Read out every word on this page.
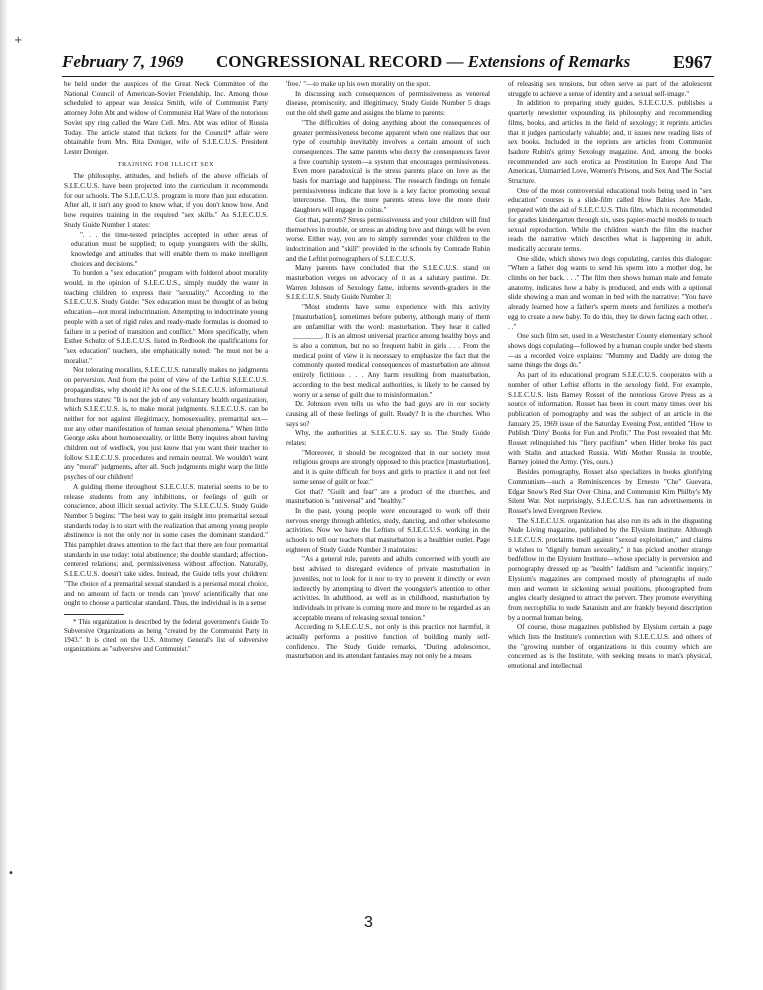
+
•
February 7, 1969 CONGRESSIONAL RECORD — Extensions of Remarks E967

be held under the auspices of the Great Neck Committee of the National Council of American-Soviet Friendship, Inc. Among those scheduled to appear was Jessica Smith, wife of Communist Party attorney John Abt and widow of Communist Hal Ware of the notorious Soviet spy ring called the Ware Cell. Mrs. Abt was editor of Russia Today. The article stated that tickets for the Council* affair were obtainable from Mrs. Rita Doniger, wife of S.I.E.C.U.S. President Lester Doniger.

TRAINING FOR ILLICIT SEX

The philosophy, attitudes, and beliefs of the above officials of S.I.E.C.U.S. have been projected into the curriculum it recommends for our schools. The S.I.E.C.U.S. program is more than just education. After all, it isn't any good to know what, if you don't know how. And how requires training in the required "sex skills." As S.I.E.C.U.S. Study Guide Number 1 states:

". . . the time-tested principles accepted in other areas of education must be supplied; to equip youngsters with the skills, knowledge and attitudes that will enable them to make intelligent choices and decisions."

To burden a "sex education" program with folderol about morality would, in the opinion of S.I.E.C.U.S., simply muddy the water in teaching children to express their "sexuality." According to the S.I.E.C.U.S. Study Guide: "Sex education must be thought of as being education—not moral indoctrination. Attempting to indoctrinate young people with a set of rigid rules and ready-made formulas is doomed to failure in a period of transition and conflict." More specifically, when Esther Schultz of S.I.E.C.U.S. listed in Redbook the qualifications for "sex education" teachers, she emphatically noted: "he must not be a moralist."

Not tolerating moralists, S.I.E.C.U.S. naturally makes no judgments on perversion. And from the point of view of the Leftist S.I.E.C.U.S. propagandists, why should it? As one of the S.I.E.C.U.S. informational brochures states: "It is not the job of any voluntary health organization, which S.I.E.C.U.S. is, to make moral judgments. S.I.E.C.U.S. can be neither for nor against illegitimacy, homosexuality, premarital sex—nor any other manifestation of human sexual phenomena." When little George asks about homosexuality, or little Betty inquires about having children out of wedlock, you just know that you want their teacher to follow S.I.E.C.U.S. procedures and remain neutral. We wouldn't want any "moral" judgments, after all. Such judgments might warp the little psyches of our children!

A guiding theme throughout S.I.E.C.U.S. material seems to be to release students from any inhibitions, or feelings of guilt or conscience, about illicit sexual activity. The S.I.E.C.U.S. Study Guide Number 5 begins: "The best way to gain insight into premarital sexual standards today is to start with the realization that among young people abstinence is not the only nor in some cases the dominant standard." This pamphlet draws attention to the fact that there are four premarital standards in use today: total abstinence; the double standard; affection-centered relations; and, permissiveness without affection. Naturally, S.I.E.C.U.S. doesn't take sides. Instead, the Guide tells your children: "The choice of a premarital sexual standard is a personal moral choice, and no amount of facts or trends can 'prove' scientifically that one ought to choose a particular standard. Thus, the individual is in a sense

* This organization is described by the federal government's Guide To Subversive Organizations as being "created by the Communist Party in 1943." It is cited on the U.S. Attorney General's list of subversive organizations as "subversive and Communist."

'free.' "—to make up his own morality on the spot.

In discussing such consequences of permissiveness as venereal disease, promiscuity, and illegitimacy, Study Guide Number 5 drags out the old shell game and assigns the blame to parents:

"The difficulties of doing anything about the consequences of greater permissiveness become apparent when one realizes that our type of courtship inevitably involves a certain amount of such consequences. The same parents who decry the consequences favor a free courtship system—a system that encourages permissiveness. Even more paradoxical is the stress parents place on love as the basis for marriage and happiness. The research findings on female permissiveness indicate that love is a key factor promoting sexual intercourse. Thus, the more parents stress love the more their daughters will engage in coitus."

Got that, parents? Stress permissiveness and your children will find themselves in trouble, or stress an abiding love and things will be even worse. Either way, you are to simply surrender your children to the indoctrination and "skill" provided in the schools by Comrade Rubin and the Leftist pornographers of S.I.E.C.U.S.

Many parents have concluded that the S.I.E.C.U.S. stand on masturbation verges on advocacy of it as a salutary pastime. Dr. Warren Johnson of Sexology fame, informs seventh-graders in the S.I.E.C.U.S. Study Guide Number 3:

"Most students have some experience with this activity [masturbation], sometimes before puberty, although many of them are unfamiliar with the word: masturbation. They hear it called ________. It is an almost universal practice among healthy boys and is also a common, but no so frequent habit in girls . . . From the medical point of view it is necessary to emphasize the fact that the commonly quoted medical consequences of masturbation are almost entirely fictitious . . . Any harm resulting from masturbation, according to the best medical authorities, is likely to be caused by worry or a sense of guilt due to misinformation."

Dr. Johnson even tells us who the bad guys are in our society causing all of these feelings of guilt. Ready? It is the churches. Who says so?

Why, the authorities at S.I.E.C.U.S. say so. The Study Guide relates:

"Moreover, it should be recognized that in our society most religious groups are strongly opposed to this practice [masturbation], and it is quite difficult for boys and girls to practice it and not feel some sense of guilt or fear."

Got that? "Guilt and fear" are a product of the churches, and masturbation is "universal" and "healthy."

In the past, young people were encouraged to work off their nervous energy through athletics, study, dancing, and other wholesome activities. Now we have the Leftists of S.I.E.C.U.S. working in the schools to tell our teachers that masturbation is a healthier outlet. Page eighteen of Study Guide Number 3 maintains:

"As a general rule, parents and adults concerned with youth are best advised to disregard evidence of private masturbation in juveniles, not to look for it nor to try to prevent it directly or even indirectly by attempting to divert the youngster's attention to other activities. In adulthood, as well as in childhood, masturbation by individuals in private is coming more and more to be regarded as an acceptable means of releasing sexual tension."

According to S.I.E.C.U.S., not only is this practice not harmful, it actually performs a positive function of building manly self-confidence. The Study Guide remarks, "During adolescence, masturbation and its attendant fantasies may not only be a means

of releasing sex tensions, but often serve as part of the adolescent struggle to achieve a sense of identity and a sexual self-image."

In addition to preparing study guides, S.I.E.C.U.S. publishes a quarterly newsletter expounding its philosophy and recommending films, books, and articles in the field of sexology; it reprints articles that it judges particularly valuable; and, it issues new reading lists of sex books. Included in the reprints are articles from Communist Isadore Rubin's grimy Sexology magazine. And, among the books recommended are such erotica as Prostitution In Europe And The Americas, Unmarried Love, Women's Prisons, and Sex And The Social Structure.

One of the most controversial educational tools being used in "sex education" courses is a slide-film called How Babies Are Made, prepared with the aid of S.I.E.C.U.S. This film, which is recommended for grades kindergarten through six, uses papier-maché models to teach sexual reproduction. While the children watch the film the teacher reads the narrative which describes what is happening in adult, medically accurate terms.

One slide, which shows two dogs copulating, carries this dialogue: "When a father dog wants to send his sperm into a mother dog, he climbs on her back. . . ." The film then shows human male and female anatomy, indicates how a baby is produced, and ends with a optional slide showing a man and woman in bed with the narrative: "You have already learned how a father's sperm meets and fertilizes a mother's egg to create a new baby. To do this, they lie down facing each other. . . ."

One such film set, used in a Westchester County elementary school shows dogs copulating—followed by a human couple under bed sheets—as a recorded voice explains: "Mummy and Daddy are doing the same things the dogs do."

As part of its educational program S.I.E.C.U.S. cooperates with a number of other Leftist efforts in the sexology field. For example, S.I.E.C.U.S. lists Barney Rosset of the notorious Grove Press as a source of information. Rosset has been in court many times over his publication of pornography and was the subject of an article in the January 25, 1969 issue of the Saturday Evening Post, entitled "How to Publish 'Dirty' Books for Fun and Profit." The Post revealed that Mr. Rosset relinquished his "fiery pacifism" when Hitler broke his pact with Stalin and attacked Russia. With Mother Russia in trouble, Barney joined the Army. (Yes, ours.)

Besides pornography, Rosset also specializes in books glorifying Communism—such a Reminiscences by Ernesto "Che" Guevara, Edgar Snow's Red Star Over China, and Communist Kim Philby's My Silent War. Not surprisingly, S.I.E.C.U.S. has run advertisements in Rosset's lewd Evergreen Review.

The S.I.E.C.U.S. organization has also run its ads in the disgusting Nude Living magazine, published by the Elysium Institute. Although S.I.E.C.U.S. proclaims itself against "sexual exploitation," and claims it wishes to "dignify human sexuality," it has picked another strange bedfellow in the Elysium Institute—whose specialty is perversion and pornography dressed up as "health" faddism and "scientific inquiry." Elysium's magazines are composed mostly of photographs of nude men and women in sickening sexual positions, photographed from angles clearly designed to attract the pervert. They promote everything from necrophilia to nude Satanism and are frankly beyond description by a normal human being.

Of course, those magazines published by Elysium certain a page which lists the Institute's connection with S.I.E.C.U.S. and others of the "growing number of organizations in this country which are concerned as is the Institute, with seeking means to man's physical, emotional and intellectual

3
